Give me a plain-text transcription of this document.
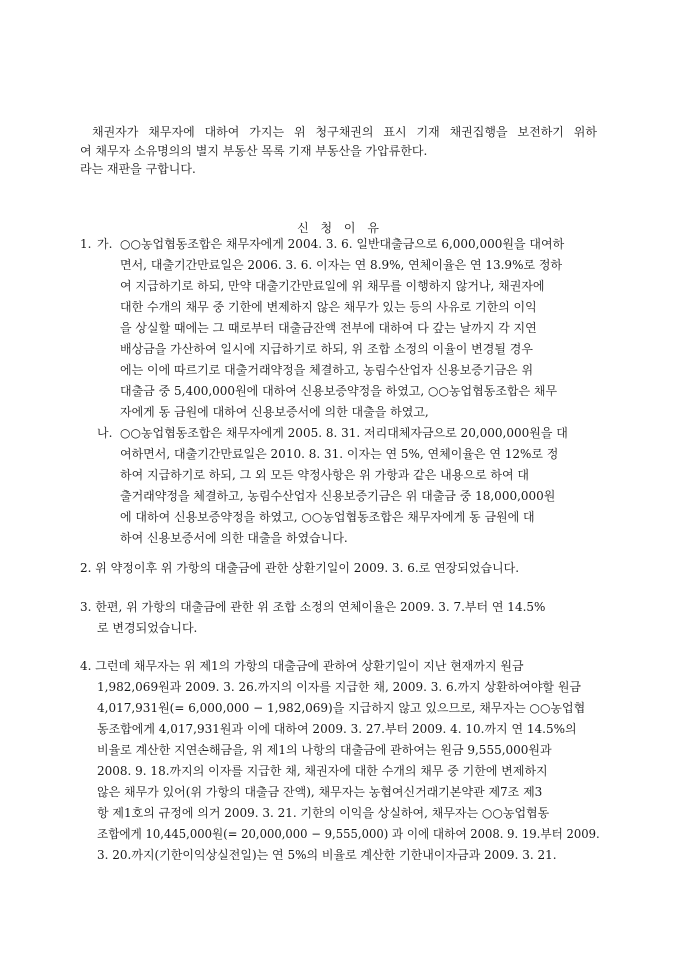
채권자가 채무자에 대하여 가지는 위 청구채권의 표시 기재 채권집행을 보전하기 위하
여 채무자 소유명의의 별지 부동산 목록 기재 부동산을 가압류한다.
라는 재판을 구합니다.
신 청 이 유
1. 가. ○○농업협동조합은 채무자에게 2004. 3. 6. 일반대출금으로 6,000,000원을 대여하
면서, 대출기간만료일은 2006. 3. 6. 이자는 연 8.9%, 연체이율은 연 13.9%로 정하
여 지급하기로 하되, 만약 대출기간만료일에 위 채무를 이행하지 않거나, 채권자에
대한 수개의 채무 중 기한에 변제하지 않은 채무가 있는 등의 사유로 기한의 이익
을 상실할 때에는 그 때로부터 대출금잔액 전부에 대하여 다 갚는 날까지 각 지연
배상금을 가산하여 일시에 지급하기로 하되, 위 조합 소정의 이율이 변경될 경우
에는 이에 따르기로 대출거래약정을 체결하고, 농림수산업자 신용보증기금은 위
대출금 중 5,400,000원에 대하여 신용보증약정을 하였고, ○○농업협동조합은 채무
자에게 동 금원에 대하여 신용보증서에 의한 대출을 하였고,
나. ○○농업협동조합은 채무자에게 2005. 8. 31. 저리대체자금으로 20,000,000원을 대
여하면서, 대출기간만료일은 2010. 8. 31. 이자는 연 5%, 연체이율은 연 12%로 정
하여 지급하기로 하되, 그 외 모든 약정사항은 위 가항과 같은 내용으로 하여 대
출거래약정을 체결하고, 농림수산업자 신용보증기금은 위 대출금 중 18,000,000원
에 대하여 신용보증약정을 하였고, ○○농업협동조합은 채무자에게 동 금원에 대
하여 신용보증서에 의한 대출을 하였습니다.
2. 위 약정이후 위 가항의 대출금에 관한 상환기일이 2009. 3. 6.로 연장되었습니다.
3. 한편, 위 가항의 대출금에 관한 위 조합 소정의 연체이율은 2009. 3. 7.부터 연 14.5%
로 변경되었습니다.
4. 그런데 채무자는 위 제1의 가항의 대출금에 관하여 상환기일이 지난 현재까지 원금
1,982,069원과 2009. 3. 26.까지의 이자를 지급한 채, 2009. 3. 6.까지 상환하여야할 원금
4,017,931원(= 6,000,000 − 1,982,069)을 지급하지 않고 있으므로, 채무자는 ○○농업협
동조합에게 4,017,931원과 이에 대하여 2009. 3. 27.부터 2009. 4. 10.까지 연 14.5%의
비율로 계산한 지연손해금을, 위 제1의 나항의 대출금에 관하여는 원금 9,555,000원과
2008. 9. 18.까지의 이자를 지급한 채, 채권자에 대한 수개의 채무 중 기한에 변제하지
않은 채무가 있어(위 가항의 대출금 잔액), 채무자는 농협여신거래기본약관 제7조 제3
항 제1호의 규정에 의거 2009. 3. 21. 기한의 이익을 상실하여, 채무자는 ○○농업협동
조합에게 10,445,000원(= 20,000,000 − 9,555,000) 과 이에 대하여 2008. 9. 19.부터 2009.
3. 20.까지(기한이익상실전일)는 연 5%의 비율로 계산한 기한내이자금과 2009. 3. 21.
